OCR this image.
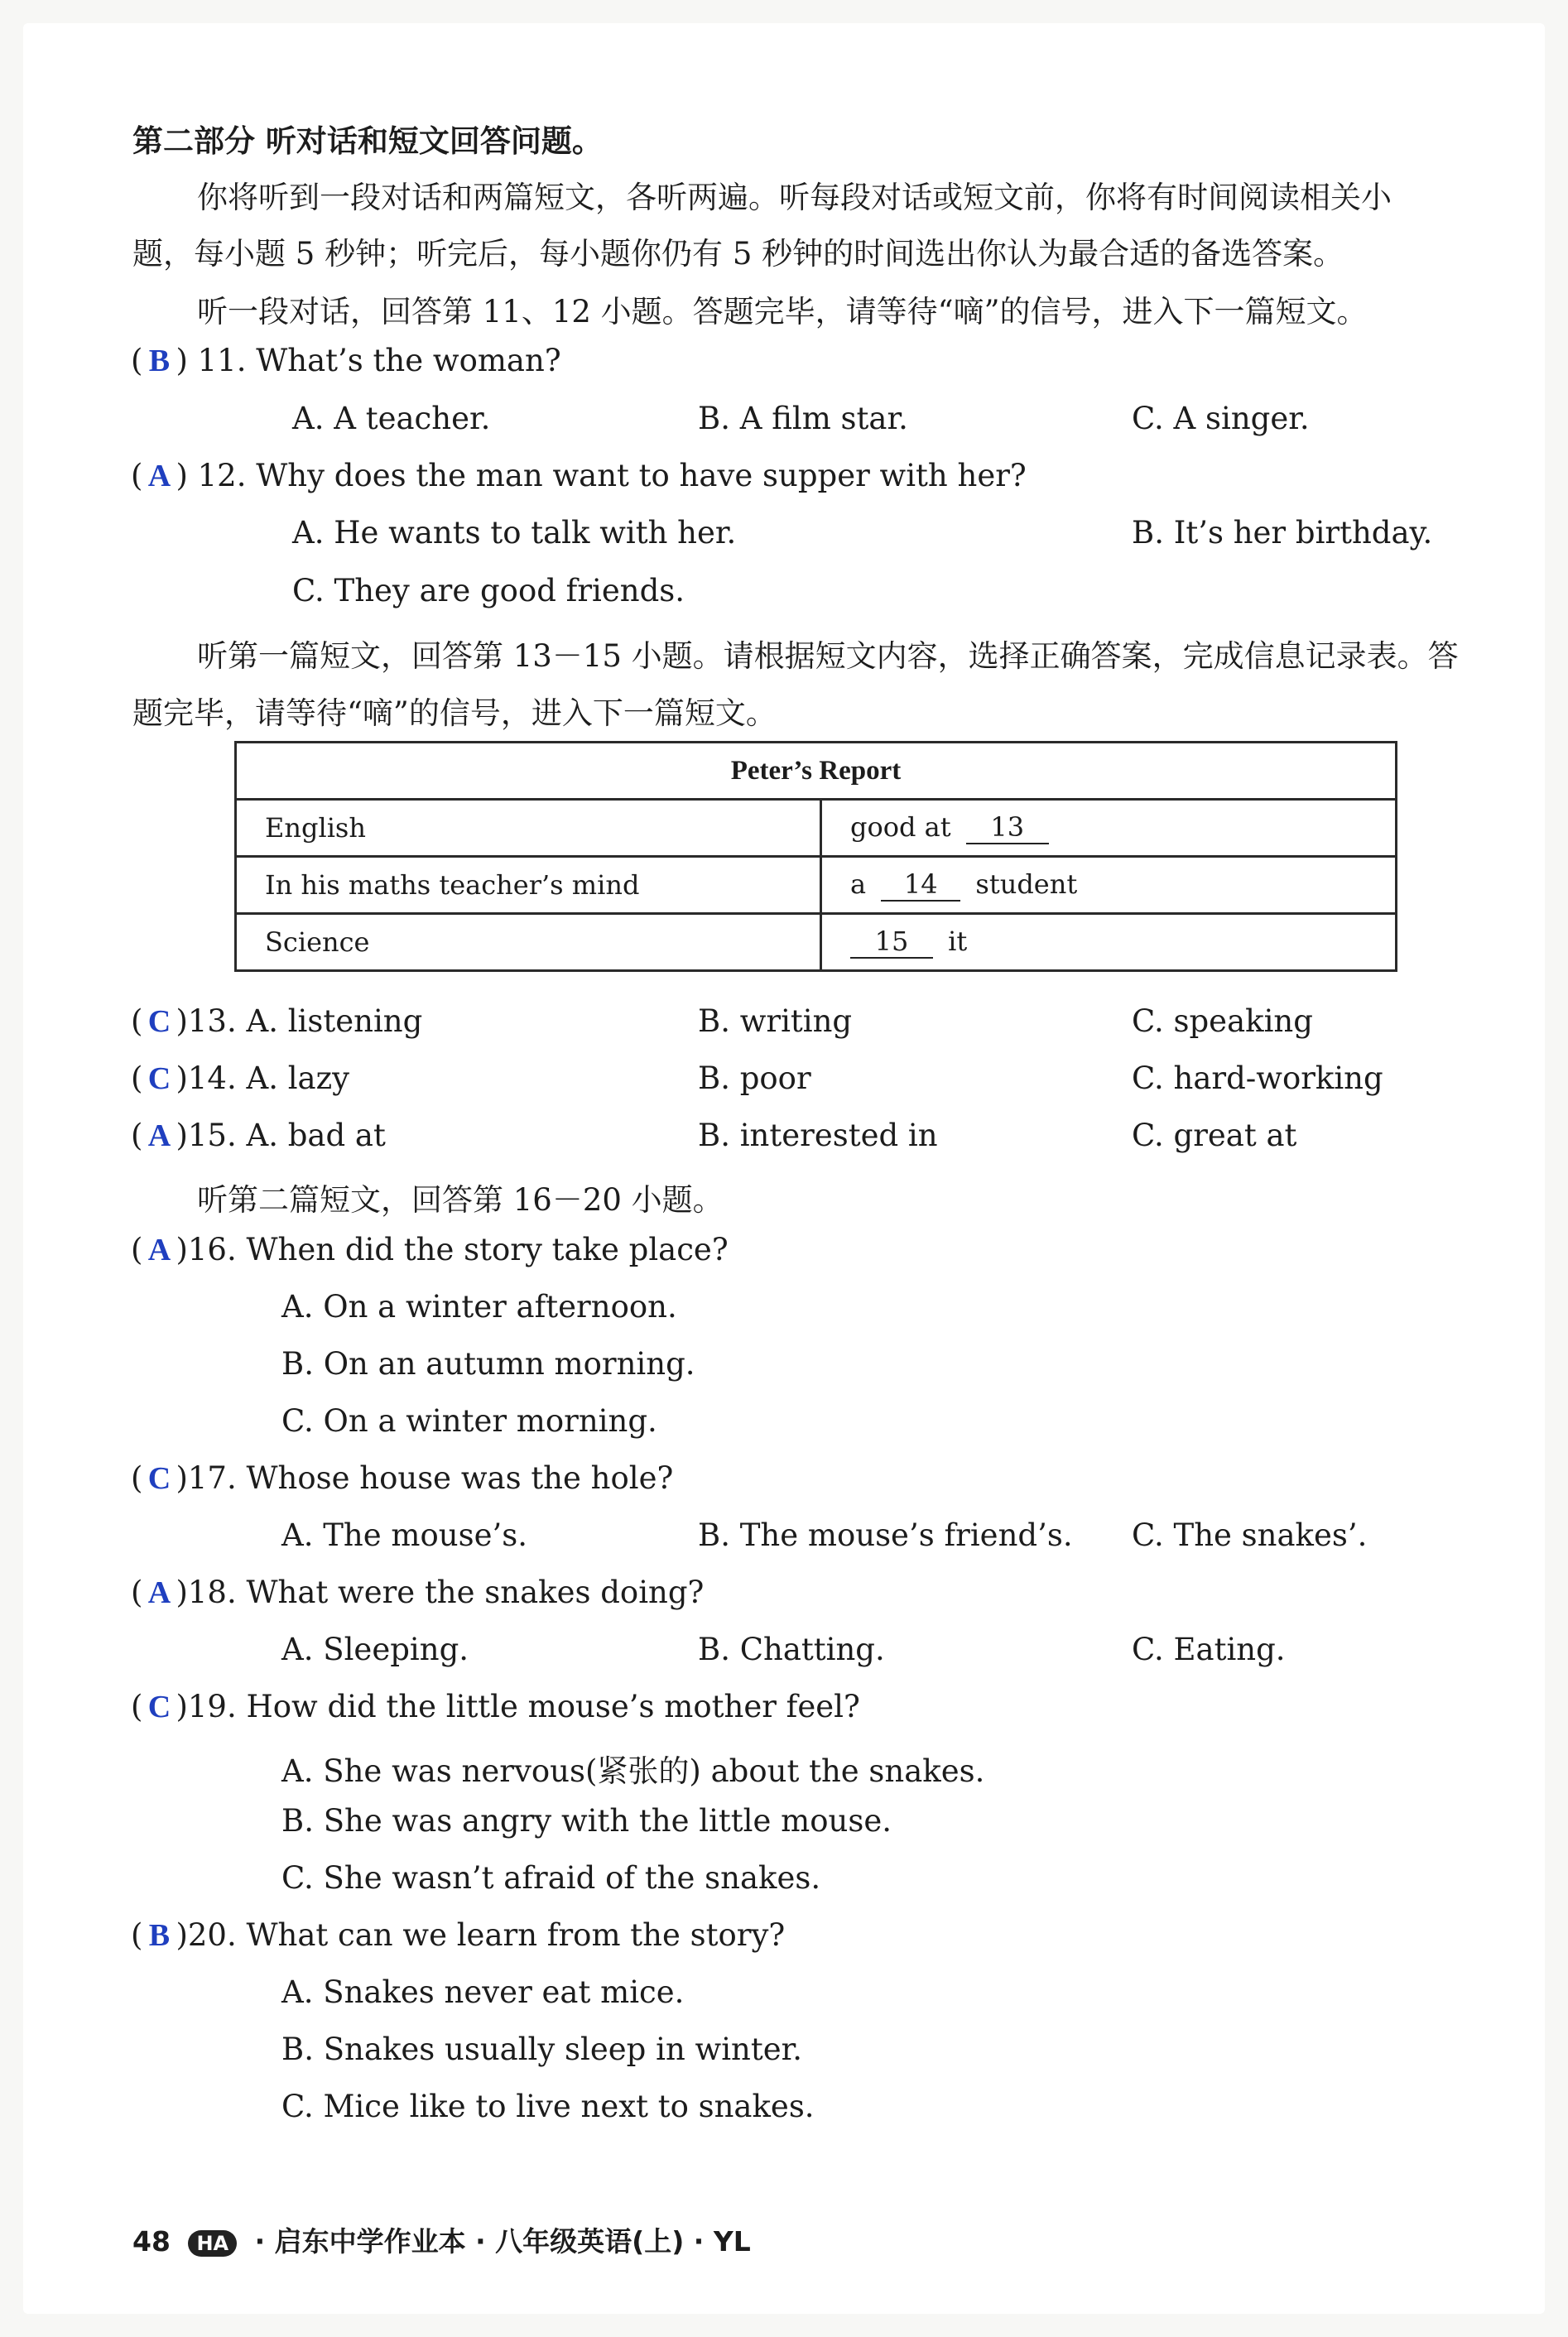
第二部分 听对话和短文回答问题。
你将听到一段对话和两篇短文，各听两遍。听每段对话或短文前，你将有时间阅读相关小
题，每小题 5 秒钟；听完后，每小题你仍有 5 秒钟的时间选出你认为最合适的备选答案。
听一段对话，回答第 11、12 小题。答题完毕，请等待“嘀”的信号，进入下一篇短文。
( B ) 11. What’s the woman?
A. A teacher.	B. A film star.	C. A singer.
( A ) 12. Why does the man want to have supper with her?
A. He wants to talk with her.	B. It’s her birthday.
C. They are good friends.
听第一篇短文，回答第 13－15 小题。请根据短文内容，选择正确答案，完成信息记录表。答
题完毕，请等待“嘀”的信号，进入下一篇短文。
Peter’s Report	
English	good at 13
In his maths teacher’s mind	a 14 student
Science	15 it
( C )13. A. listening	B. writing	C. speaking
( C )14. A. lazy	B. poor	C. hard-working
( A )15. A. bad at	B. interested in	C. great at
听第二篇短文，回答第 16－20 小题。
( A )16. When did the story take place?
A. On a winter afternoon.
B. On an autumn morning.
C. On a winter morning.
( C )17. Whose house was the hole?
A. The mouse’s.	B. The mouse’s friend’s. C. The snakes’.
( A )18. What were the snakes doing?
A. Sleeping.	B. Chatting.	C. Eating.
( C )19. How did the little mouse’s mother feel?
A. She was nervous(紧张的) about the snakes.
B. She was angry with the little mouse.
C. She wasn’t afraid of the snakes.
( B )20. What can we learn from the story?
A. Snakes never eat mice.
B. Snakes usually sleep in winter.
C. Mice like to live next to snakes.
48 HA · 启东中学作业本 · 八年级英语(上) · YL
